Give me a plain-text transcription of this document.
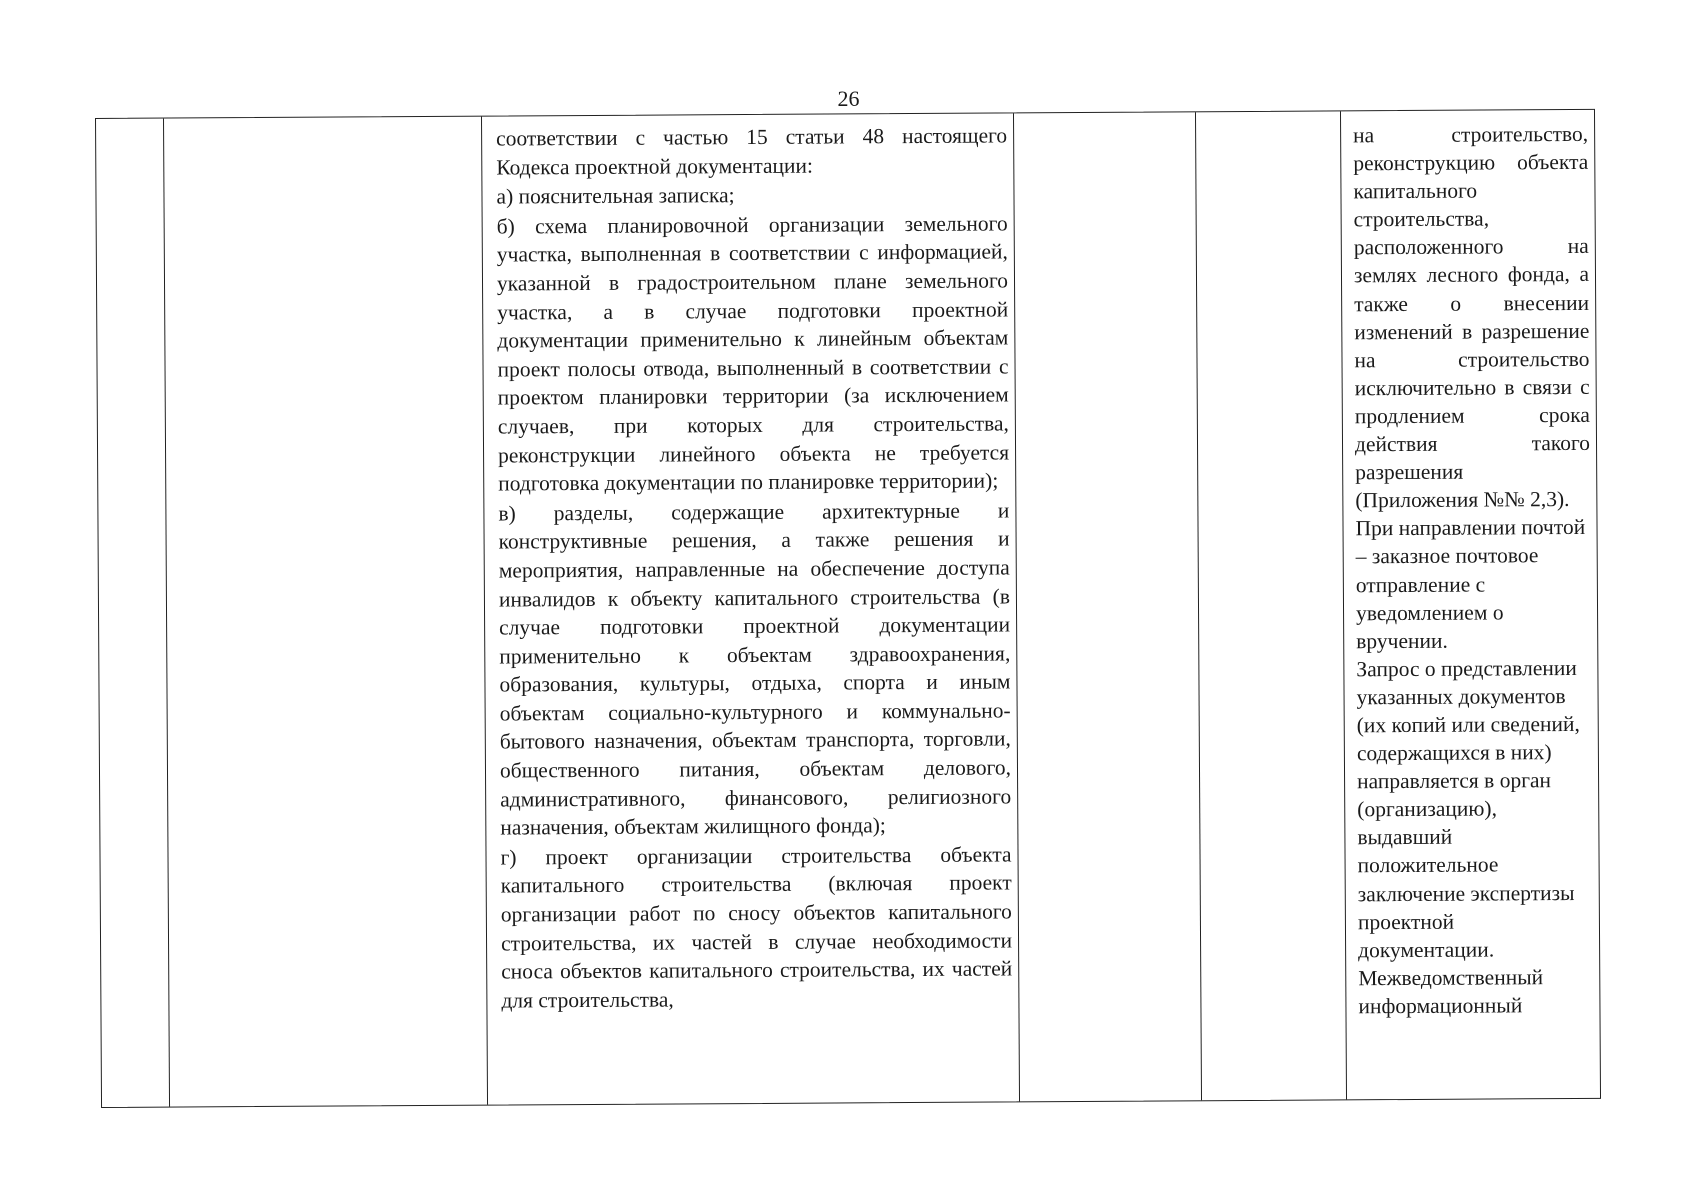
26

соответствии с частью 15 статьи 48 настоящего Кодекса проектной документации:

а) пояснительная записка;

б) схема планировочной организации земельного участка, выполненная в соответствии с информацией, указанной в градостроительном плане земельного участка, а в случае подготовки проектной документации применительно к линейным объектам проект полосы отвода, выполненный в соответствии с проектом планировки территории (за исключением случаев, при которых для строительства, реконструкции линейного объекта не требуется подготовка документации по планировке территории);

в) разделы, содержащие архитектурные и конструктивные решения, а также решения и мероприятия, направленные на обеспечение доступа инвалидов к объекту капитального строительства (в случае подготовки проектной документации применительно к объектам здравоохранения, образования, культуры, отдыха, спорта и иным объектам социально-культурного и коммунально-бытового назначения, объектам транспорта, торговли, общественного питания, объектам делового, административного, финансового, религиозного назначения, объектам жилищного фонда);

г) проект организации строительства объекта капитального строительства (включая проект организации работ по сносу объектов капитального строительства, их частей в случае необходимости сноса объектов капитального строительства, их частей для строительства,

на строительство, реконструкцию объекта капитального строительства, расположенного на землях лесного фонда, а также о внесении изменений в разрешение на строительство исключительно в связи с продлением срока действия такого разрешения (Приложения №№ 2,3).

При направлении почтой – заказное почтовое отправление с уведомлением о вручении.

Запрос о представлении указанных документов (их копий или сведений, содержащихся в них) направляется в орган (организацию), выдавший положительное заключение экспертизы проектной документации.

Межведомственный информационный
